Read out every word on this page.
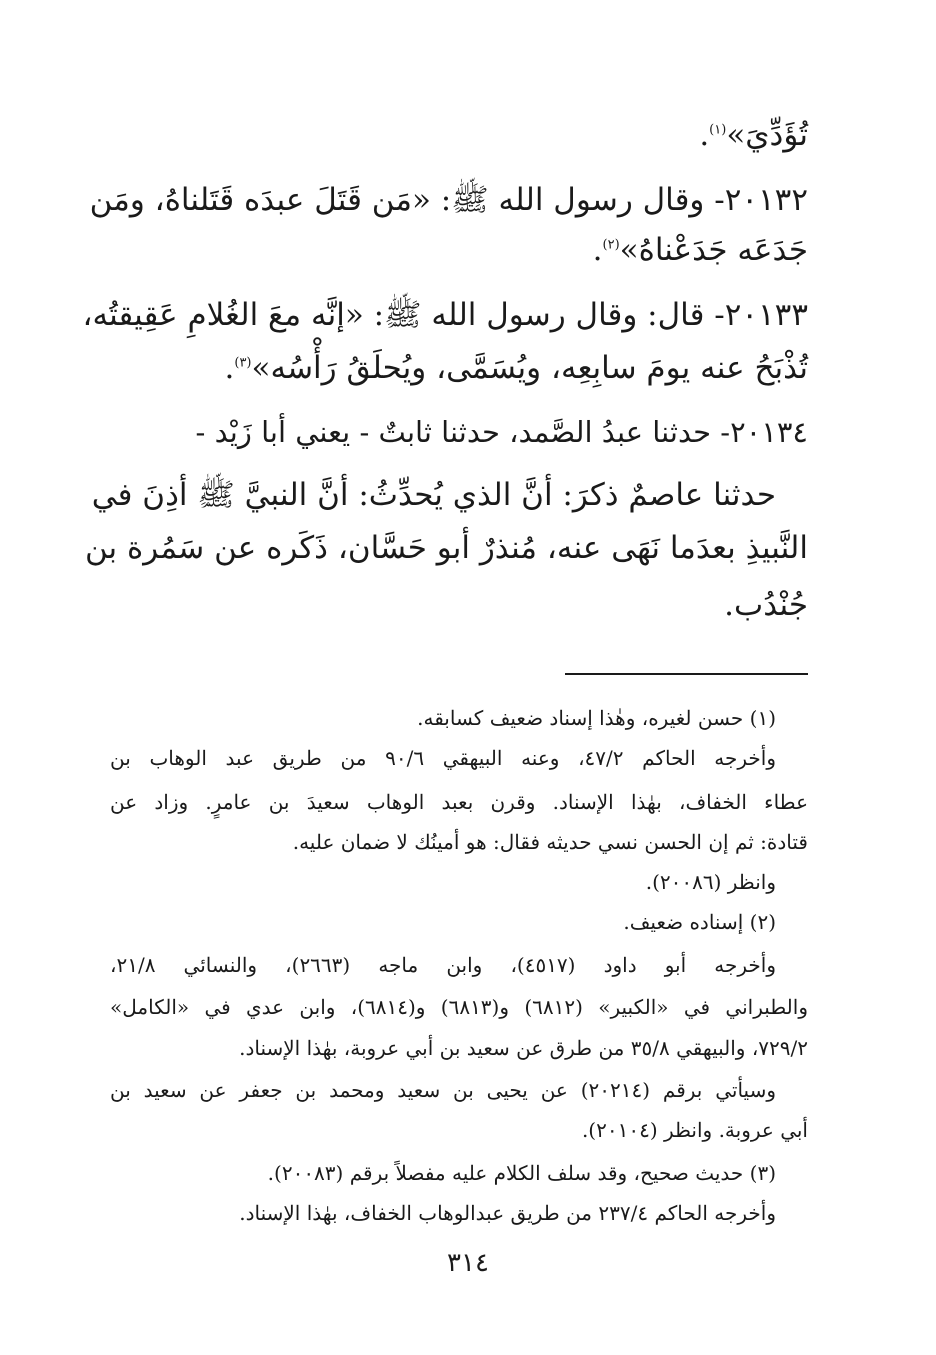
تُؤَدِّيَ»$^{(١)}$.
٢٠١٣٢- وقال رسول الله ﷺ: «مَن قَتَلَ عبدَه قَتَلناهُ، ومَن
جَدَعَه جَدَعْناهُ»$^{(٢)}$.
٢٠١٣٣- قال: وقال رسول الله ﷺ: «إنَّه معَ الغُلامِ عَقِيقتُه،
تُذْبَحُ عنه يومَ سابِعِه، ويُسَمَّى، ويُحلَقُ رَأْسُه»$^{(٣)}$.
٢٠١٣٤- حدثنا عبدُ الصَّمد، حدثنا ثابتٌ - يعني أبا زَيْد -
حدثنا عاصمٌ ذكرَ: أنَّ الذي يُحدِّثُ: أنَّ النبيَّ ﷺ أذِنَ في
النَّبيذِ بعدَما نَهَى عنه، مُنذرٌ أبو حَسَّان، ذَكَره عن سَمُرة بن
جُنْدُب.
(١) حسن لغيره، وهٰذا إسناد ضعيف كسابقه.
وأخرجه الحاكم ٤٧/٢، وعنه البيهقي ٩٠/٦ من طريق عبد الوهاب بن
عطاء الخفاف، بهٰذا الإسناد. وقرن بعبد الوهاب سعيدَ بن عامرٍ. وزاد عن
قتادة: ثم إن الحسن نسي حديثه فقال: هو أمينُك لا ضمان عليه.
وانظر (٢٠٠٨٦).
(٢) إسناده ضعيف.
وأخرجه أبو داود (٤٥١٧)، وابن ماجه (٢٦٦٣)، والنسائي ٢١/٨،
والطبراني في «الكبير» (٦٨١٢) و(٦٨١٣) و(٦٨١٤)، وابن عدي في «الكامل»
٧٢٩/٢، والبيهقي ٣٥/٨ من طرق عن سعيد بن أبي عروبة، بهٰذا الإسناد.
وسيأتي برقم (٢٠٢١٤) عن يحيى بن سعيد ومحمد بن جعفر عن سعيد بن
أبي عروبة. وانظر (٢٠١٠٤).
(٣) حديث صحيح، وقد سلف الكلام عليه مفصلاً برقم (٢٠٠٨٣).
وأخرجه الحاكم ٢٣٧/٤ من طريق عبدالوهاب الخفاف، بهٰذا الإسناد.
٣١٤
